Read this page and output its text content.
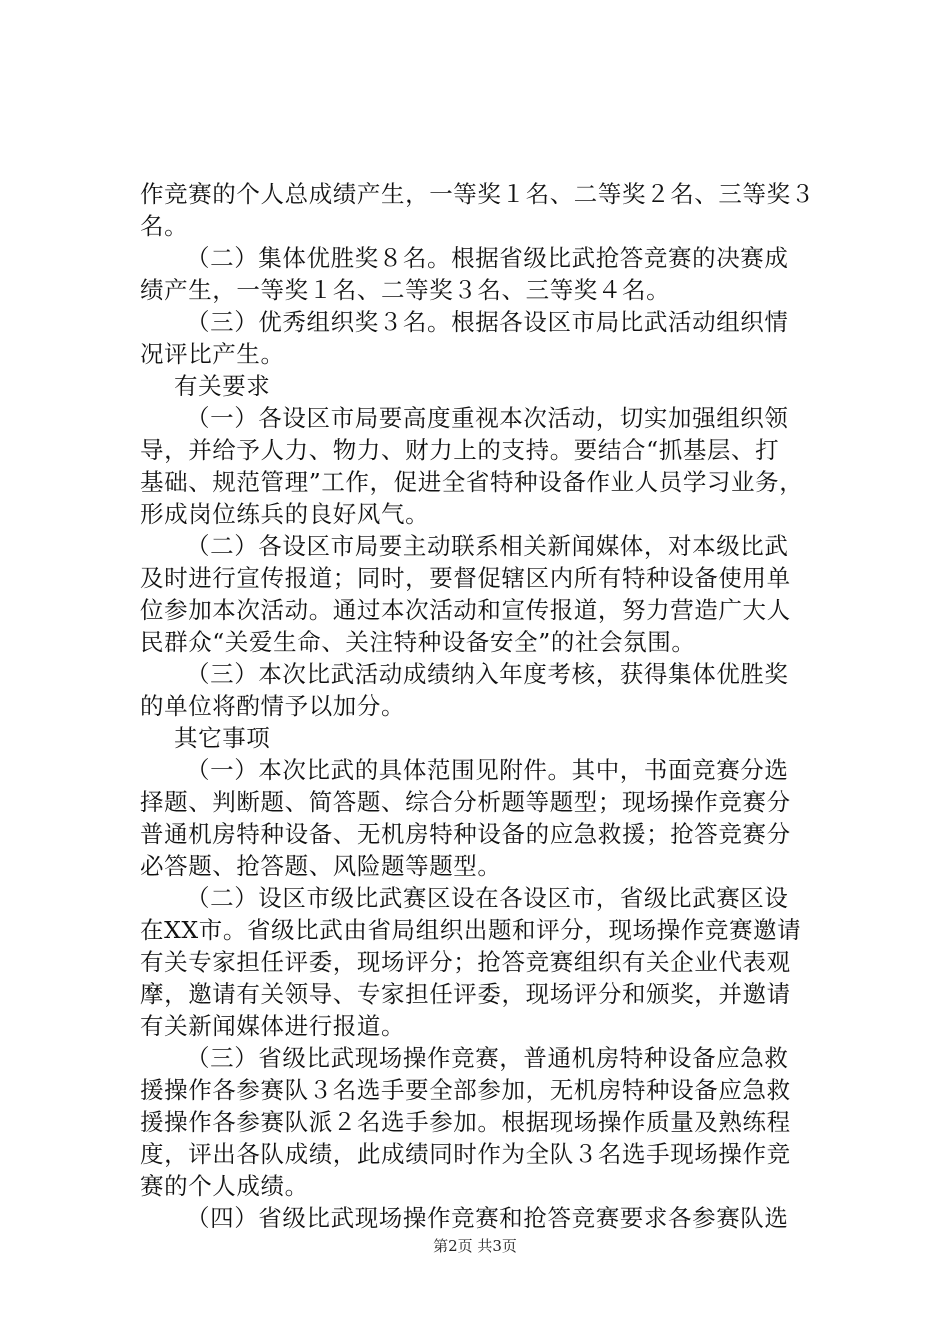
作竞赛的个人总成绩产生，一等奖１名、二等奖２名、三等奖３
名。
（二）集体优胜奖８名。根据省级比武抢答竞赛的决赛成
绩产生，一等奖１名、二等奖３名、三等奖４名。
（三）优秀组织奖３名。根据各设区市局比武活动组织情
况评比产生。
有关要求
（一）各设区市局要高度重视本次活动，切实加强组织领
导，并给予人力、物力、财力上的支持。要结合“抓基层、打
基础、规范管理”工作，促进全省特种设备作业人员学习业务，
形成岗位练兵的良好风气。
（二）各设区市局要主动联系相关新闻媒体，对本级比武
及时进行宣传报道；同时，要督促辖区内所有特种设备使用单
位参加本次活动。通过本次活动和宣传报道，努力营造广大人
民群众“关爱生命、关注特种设备安全”的社会氛围。
（三）本次比武活动成绩纳入年度考核，获得集体优胜奖
的单位将酌情予以加分。
其它事项
（一）本次比武的具体范围见附件。其中，书面竞赛分选
择题、判断题、简答题、综合分析题等题型；现场操作竞赛分
普通机房特种设备、无机房特种设备的应急救援；抢答竞赛分
必答题、抢答题、风险题等题型。
（二）设区市级比武赛区设在各设区市，省级比武赛区设
在XX市。省级比武由省局组织出题和评分，现场操作竞赛邀请
有关专家担任评委，现场评分；抢答竞赛组织有关企业代表观
摩，邀请有关领导、专家担任评委，现场评分和颁奖，并邀请
有关新闻媒体进行报道。
（三）省级比武现场操作竞赛，普通机房特种设备应急救
援操作各参赛队３名选手要全部参加，无机房特种设备应急救
援操作各参赛队派２名选手参加。根据现场操作质量及熟练程
度，评出各队成绩，此成绩同时作为全队３名选手现场操作竞
赛的个人成绩。
（四）省级比武现场操作竞赛和抢答竞赛要求各参赛队选
第2页 共3页
